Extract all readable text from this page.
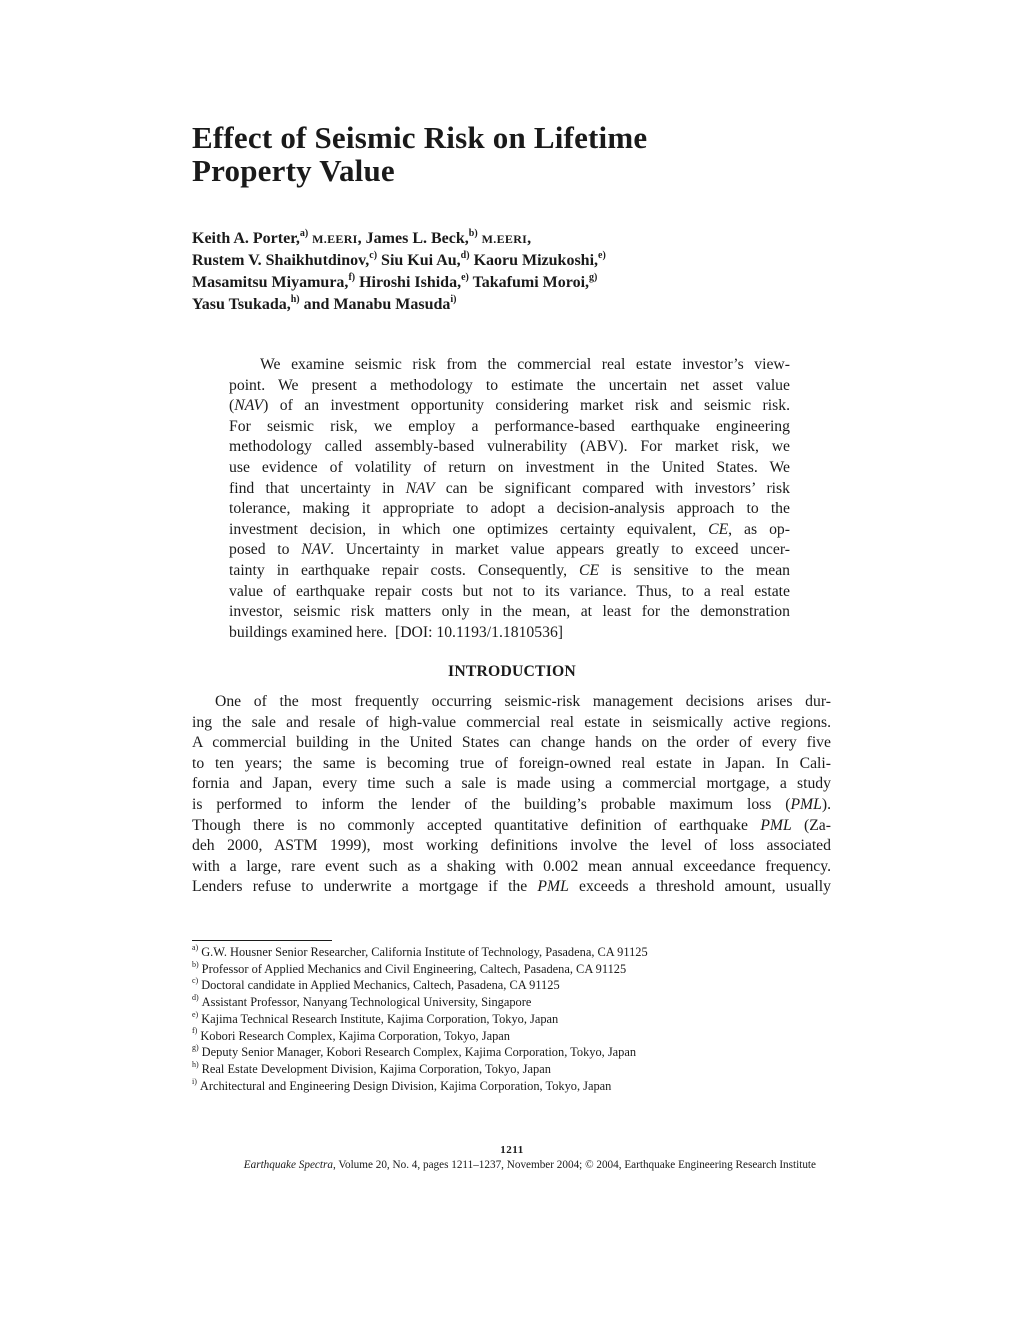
Effect of Seismic Risk on Lifetime
Property Value
Keith A. Porter,$^{a)}$ M.EERI, James L. Beck,$^{b)}$ M.EERI,
Rustem V. Shaikhutdinov,$^{c)}$ Siu Kui Au,$^{d)}$ Kaoru Mizukoshi,$^{e)}$
Masamitsu Miyamura,$^{f)}$ Hiroshi Ishida,$^{e)}$ Takafumi Moroi,$^{g)}$
Yasu Tsukada,$^{h)}$ and Manabu Masuda$^{i)}$
We examine seismic risk from the commercial real estate investor’s view-
point. We present a methodology to estimate the uncertain net asset value
(NAV) of an investment opportunity considering market risk and seismic risk.
For seismic risk, we employ a performance-based earthquake engineering
methodology called assembly-based vulnerability (ABV). For market risk, we
use evidence of volatility of return on investment in the United States. We
find that uncertainty in NAV can be significant compared with investors’ risk
tolerance, making it appropriate to adopt a decision-analysis approach to the
investment decision, in which one optimizes certainty equivalent, CE, as op-
posed to NAV. Uncertainty in market value appears greatly to exceed uncer-
tainty in earthquake repair costs. Consequently, CE is sensitive to the mean
value of earthquake repair costs but not to its variance. Thus, to a real estate
investor, seismic risk matters only in the mean, at least for the demonstration
buildings examined here.  [DOI: 10.1193/1.1810536]
INTRODUCTION
One of the most frequently occurring seismic-risk management decisions arises dur-
ing the sale and resale of high-value commercial real estate in seismically active regions.
A commercial building in the United States can change hands on the order of every five
to ten years; the same is becoming true of foreign-owned real estate in Japan. In Cali-
fornia and Japan, every time such a sale is made using a commercial mortgage, a study
is performed to inform the lender of the building’s probable maximum loss (PML).
Though there is no commonly accepted quantitative definition of earthquake PML (Za-
deh 2000, ASTM 1999), most working definitions involve the level of loss associated
with a large, rare event such as a shaking with 0.002 mean annual exceedance frequency.
Lenders refuse to underwrite a mortgage if the PML exceeds a threshold amount, usually
$^{a)}$ G.W. Housner Senior Researcher, California Institute of Technology, Pasadena, CA 91125
$^{b)}$ Professor of Applied Mechanics and Civil Engineering, Caltech, Pasadena, CA 91125
$^{c)}$ Doctoral candidate in Applied Mechanics, Caltech, Pasadena, CA 91125
$^{d)}$ Assistant Professor, Nanyang Technological University, Singapore
$^{e)}$ Kajima Technical Research Institute, Kajima Corporation, Tokyo, Japan
$^{f)}$ Kobori Research Complex, Kajima Corporation, Tokyo, Japan
$^{g)}$ Deputy Senior Manager, Kobori Research Complex, Kajima Corporation, Tokyo, Japan
$^{h)}$ Real Estate Development Division, Kajima Corporation, Tokyo, Japan
$^{i)}$ Architectural and Engineering Design Division, Kajima Corporation, Tokyo, Japan
1211
Earthquake Spectra, Volume 20, No. 4, pages 1211–1237, November 2004; © 2004, Earthquake Engineering Research Institute
